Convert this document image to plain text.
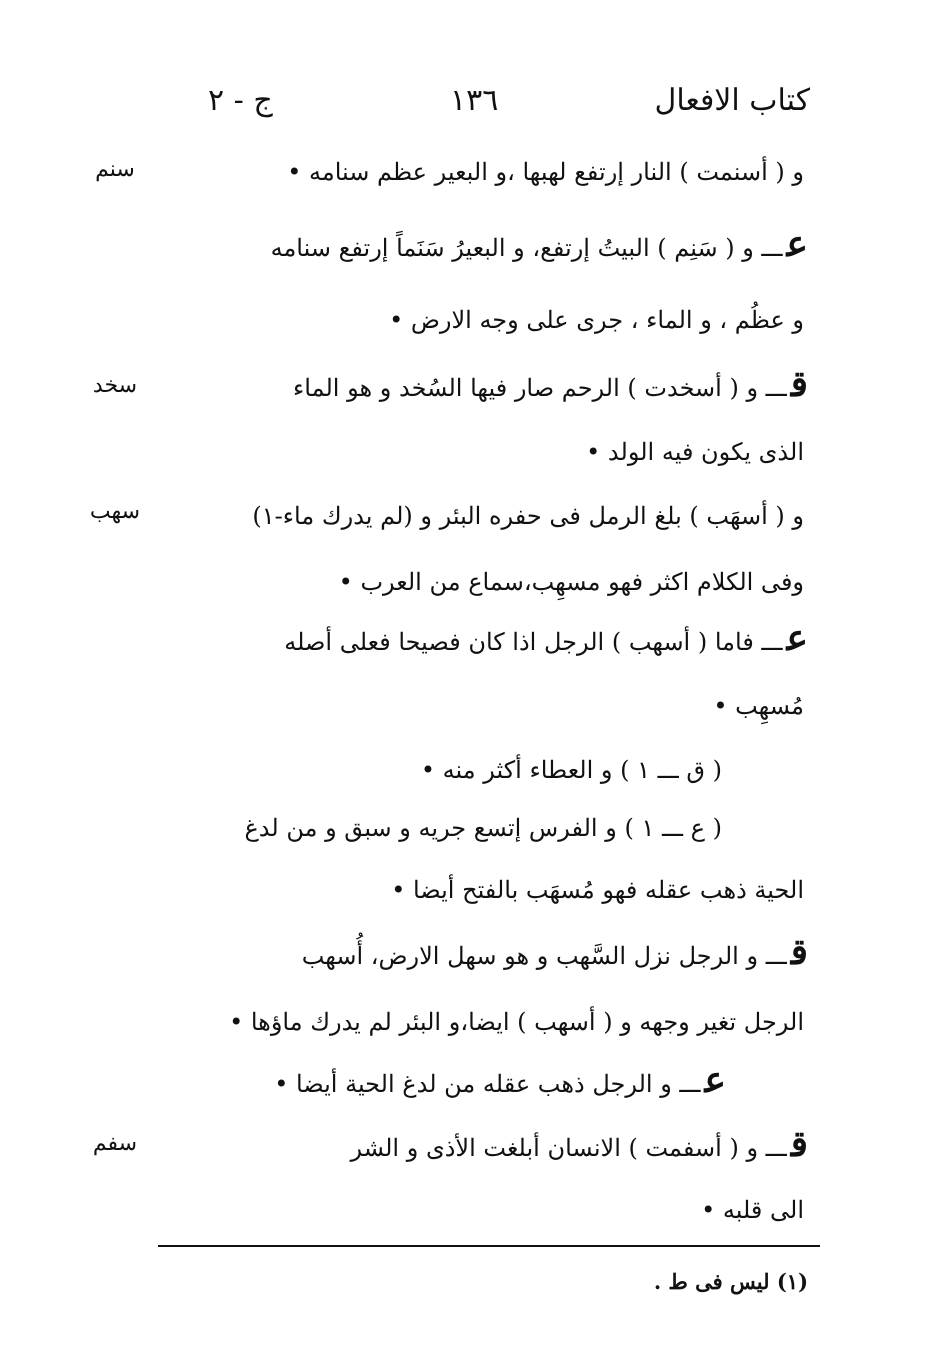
كتاب الافعال
١٣٦
ج - ٢
سنم
سخد
سهب
سفم
و ( أسنمت ) النار إرتفع لهبها ،و البعير عظم سنامه •
عـــ و ( سَنِم ) البيتُ إرتفع، و البعيرُ سَنَماً إرتفع سنامه
و عظُم ، و الماء ، جرى على وجه الارض •
قـــ و ( أسخدت ) الرحم صار فيها السُخد و هو الماء
الذى يكون فيه الولد •
و ( أسهَب ) بلغ الرمل فى حفره البئر و (لم يدرك ماء-١)
وفى الكلام اكثر فهو مسهِب،سماع من العرب •
عـــ فاما ( أسهب ) الرجل اذا كان فصيحا فعلى أصله
مُسهِب •
( ق ـــ ١ ) و العطاء أكثر منه •
( ع ـــ ١ ) و الفرس إتسع جريه و سبق و من لدغ
الحية ذهب عقله فهو مُسهَب بالفتح أيضا •
قـــ و الرجل نزل السَّهب و هو سهل الارض، أُسهب
الرجل تغير وجهه و ( أسهب ) ايضا،و البئر لم يدرك ماؤها •
عـــ و الرجل ذهب عقله من لدغ الحية أيضا •
قـــ و ( أسفمت ) الانسان أبلغت الأذى و الشر
الى قلبه •
(١) ليس فى ط .
